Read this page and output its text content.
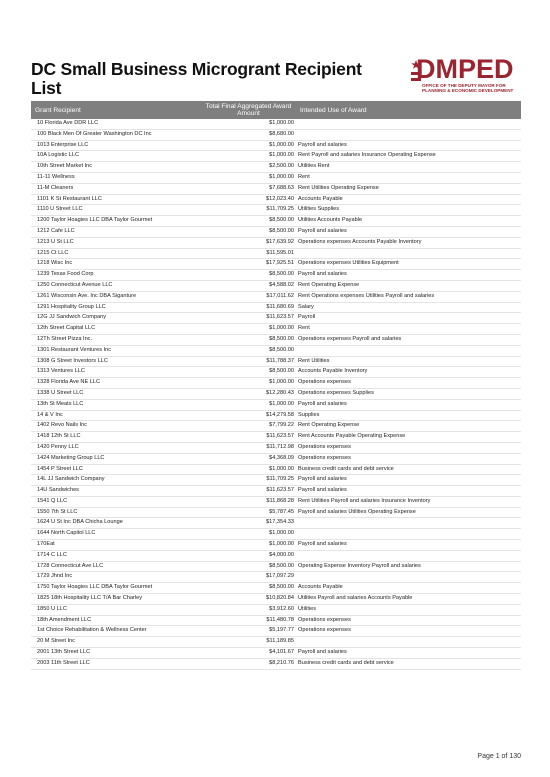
DC Small Business Microgrant Recipient List
DMPED
OFFICE OF THE DEPUTY MAYOR FOR
PLANNING & ECONOMIC DEVELOPMENT
Grant Recipient	Total Final Aggregated Award Amount	Intended Use of Award
10 Florida Ave DDR LLC	$1,000.00	
100 Black Men Of Greater Washington DC Inc	$8,680.00	
1013 Enterprise LLC	$1,000.00	Payroll and salaries
10A Logistic LLC	$1,000.00	Rent Payroll and salaries Insurance Operating Expense
10th Street Market Inc	$2,500.00	Utilities Rent
11-11 Wellness	$1,000.00	Rent
11-M Cleaners	$7,688.63	Rent Utilities Operating Expense
1101 K St Restaurant LLC	$12,023.40	Accounts Payable
1110 U Street LLC	$11,709.25	Utilities Supplies
1200 Taylor Hoagies LLC DBA Taylor Gourmet	$8,500.00	Utilities Accounts Payable
1212 Cafe LLC	$8,500.00	Payroll and salaries
1213 U St LLC	$17,639.92	Operations expenses Accounts Payable Inventory
1215 Ct LLC	$11,595.01	
1218 Wisc Inc	$17,925.51	Operations expenses Utilities Equipment
1239 Texas Food Corp	$8,500.00	Payroll and salaries
1250 Connecticut Avenue LLC	$4,588.02	Rent Operating Expense
1261 Wisconsin Ave. Inc DBA Siganture	$17,011.62	Rent Operations expenses Utilities Payroll and salaries
1291 Hospitality Group LLC	$11,680.69	Salary
12G JJ Sandwich Company	$11,623.57	Payroll
12th Street Capital LLC	$1,000.00	Rent
12Th Street Pizza Inc.	$8,500.00	Operations expenses Payroll and salaries
1301 Restaurant Ventures Inc	$8,500.00	
1308 G Street Investors LLC	$11,788.37	Rent Utilities
1313 Ventures LLC	$8,500.00	Accounts Payable Inventory
1328 Florida Ave NE LLC	$1,000.00	Operations expenses
1338 U Street LLC	$12,280.43	Operations expenses Supplies
13th St Meats LLC	$1,000.00	Payroll and salaries
14 & V Inc	$14,279.58	Supplies
1402 Revo Nails Inc	$7,799.22	Rent Operating Expense
1418 12th St LLC	$11,623.57	Rent Accounts Payable Operating Expense
1420 Penny LLC	$11,712.98	Operations expenses
1424 Marketing Group LLC	$4,368.09	Operations expenses
1454 P Street LLC	$1,000.00	Business credit cards and debt service
14L JJ Sandwich Company	$11,709.25	Payroll and salaries
14U Sandwiches	$11,623.57	Payroll and salaries
1541 Q LLC	$11,868.28	Rent Utilities Payroll and salaries Insurance Inventory
1550 7th St LLC	$5,787.45	Payroll and salaries Utilities Operating Expense
1624 U St Inc DBA Chicha Lounge	$17,354.33	
1644 North Capitol LLC	$1,000.00	
170Eat	$1,000.00	Payroll and salaries
1714 C LLC	$4,000.00	
1728 Connecticut Ave LLC	$8,500.00	Operating Expense Inventory Payroll and salaries
1729 Jhnd Inc	$17,097.29	
1750 Taylor Hoagies LLC DBA Taylor Gourmet	$8,500.00	Accounts Payable
1825 18th Hospitality LLC T/A Bar Charley	$10,820.84	Utilities Payroll and salaries Accounts Payable
1850 U LLC	$3,912.60	Utilities
18th Amendment LLC	$11,480.78	Operations expenses
1st Choice Rehabilitation & Wellness Center	$5,197.77	Operations expenses
20 M Street Inc	$11,189.85	
2001 13th Street LLC	$4,101.67	Payroll and salaries
2003 11th Street LLC	$8,210.76	Business credit cards and debt service
Page 1 of 130
